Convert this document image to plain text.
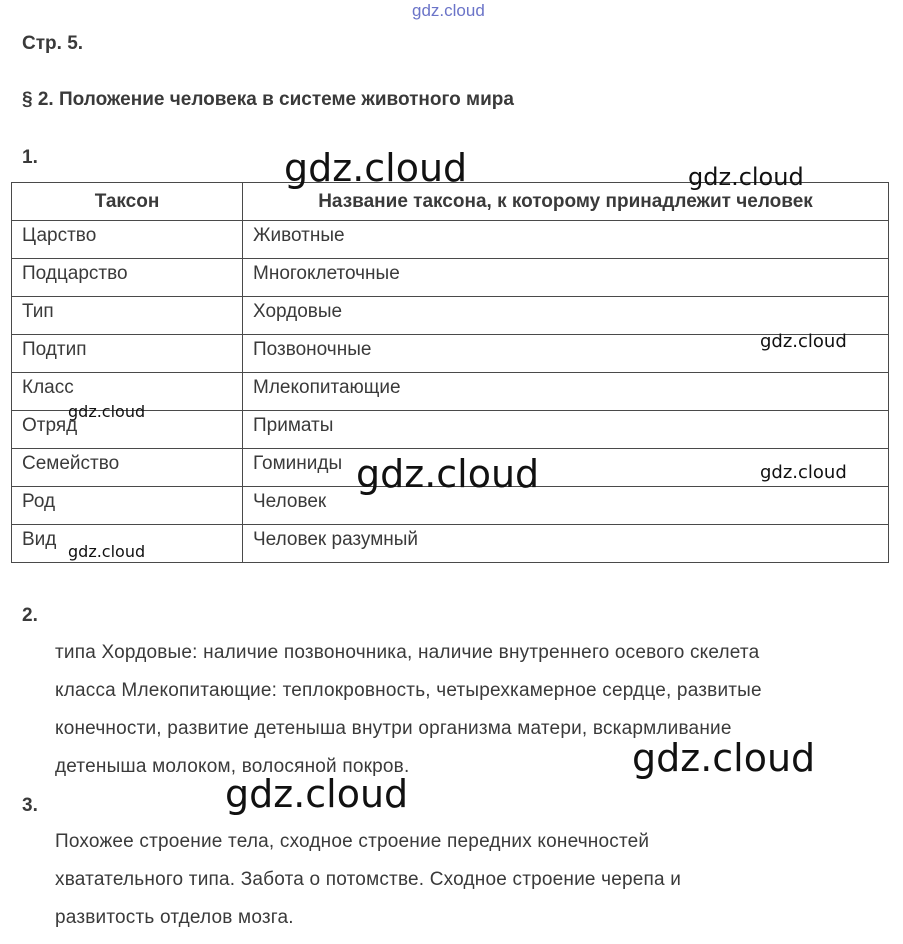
gdz.cloud
Стр. 5.
§ 2. Положение человека в системе животного мира
1.
Таксон	Название таксона, к которому принадлежит человек
Царство	Животные
Подцарство	Многоклеточные
Тип	Хордовые
Подтип	Позвоночные
Класс	Млекопитающие
Отряд	Приматы
Семейство	Гоминиды
Род	Человек
Вид	Человек разумный
2.
типа Хордовые: наличие позвоночника, наличие внутреннего осевого скелета
класса Млекопитающие: теплокровность, четырехкамерное сердце, развитые
конечности, развитие детеныша внутри организма матери, вскармливание
детеныша молоком, волосяной покров.
3.
Похожее строение тела, сходное строение передних конечностей
хватательного типа. Забота о потомстве. Сходное строение черепа и
развитость отделов мозга.
gdz.cloud	gdz.cloud
gdz.cloud
gdz.cloud
gdz.cloud	gdz.cloud
gdz.cloud
gdz.cloud
gdz.cloud
